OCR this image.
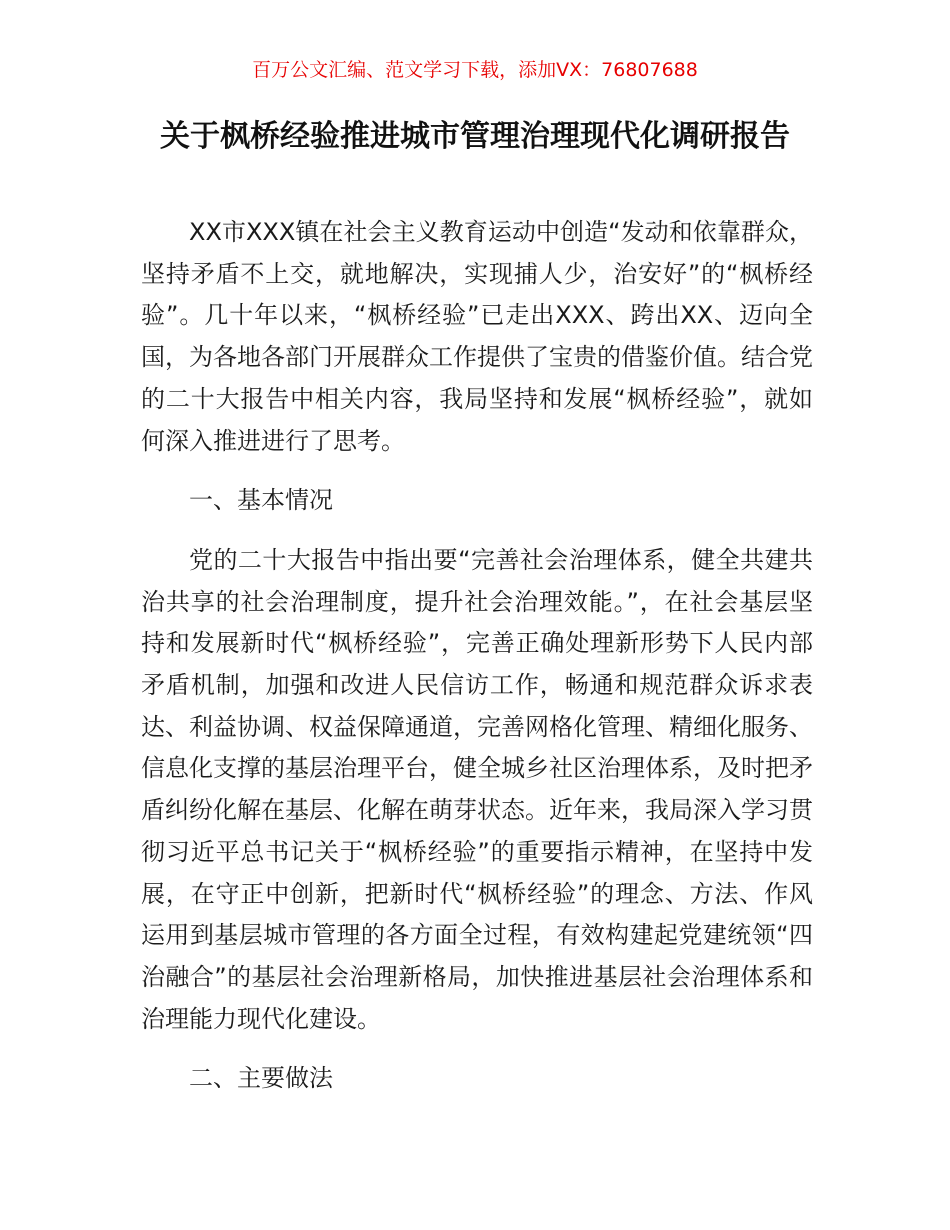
百万公文汇编、范文学习下载，添加VX：76807688
关于枫桥经验推进城市管理治理现代化调研报告

XX市XXX镇在社会主义教育运动中创造“发动和依靠群众，坚持矛盾不上交，就地解决，实现捕人少，治安好”的“枫桥经验”。几十年以来，“枫桥经验”已走出XXX、跨出XX、迈向全国，为各地各部门开展群众工作提供了宝贵的借鉴价值。结合党的二十大报告中相关内容，我局坚持和发展“枫桥经验”，就如何深入推进进行了思考。

一、基本情况

党的二十大报告中指出要“完善社会治理体系，健全共建共治共享的社会治理制度，提升社会治理效能。”，在社会基层坚持和发展新时代“枫桥经验”，完善正确处理新形势下人民内部矛盾机制，加强和改进人民信访工作，畅通和规范群众诉求表达、利益协调、权益保障通道，完善网格化管理、精细化服务、信息化支撑的基层治理平台，健全城乡社区治理体系，及时把矛盾纠纷化解在基层、化解在萌芽状态。近年来，我局深入学习贯彻习近平总书记关于“枫桥经验”的重要指示精神，在坚持中发展，在守正中创新，把新时代“枫桥经验”的理念、方法、作风运用到基层城市管理的各方面全过程，有效构建起党建统领“四治融合”的基层社会治理新格局，加快推进基层社会治理体系和治理能力现代化建设。

二、主要做法
